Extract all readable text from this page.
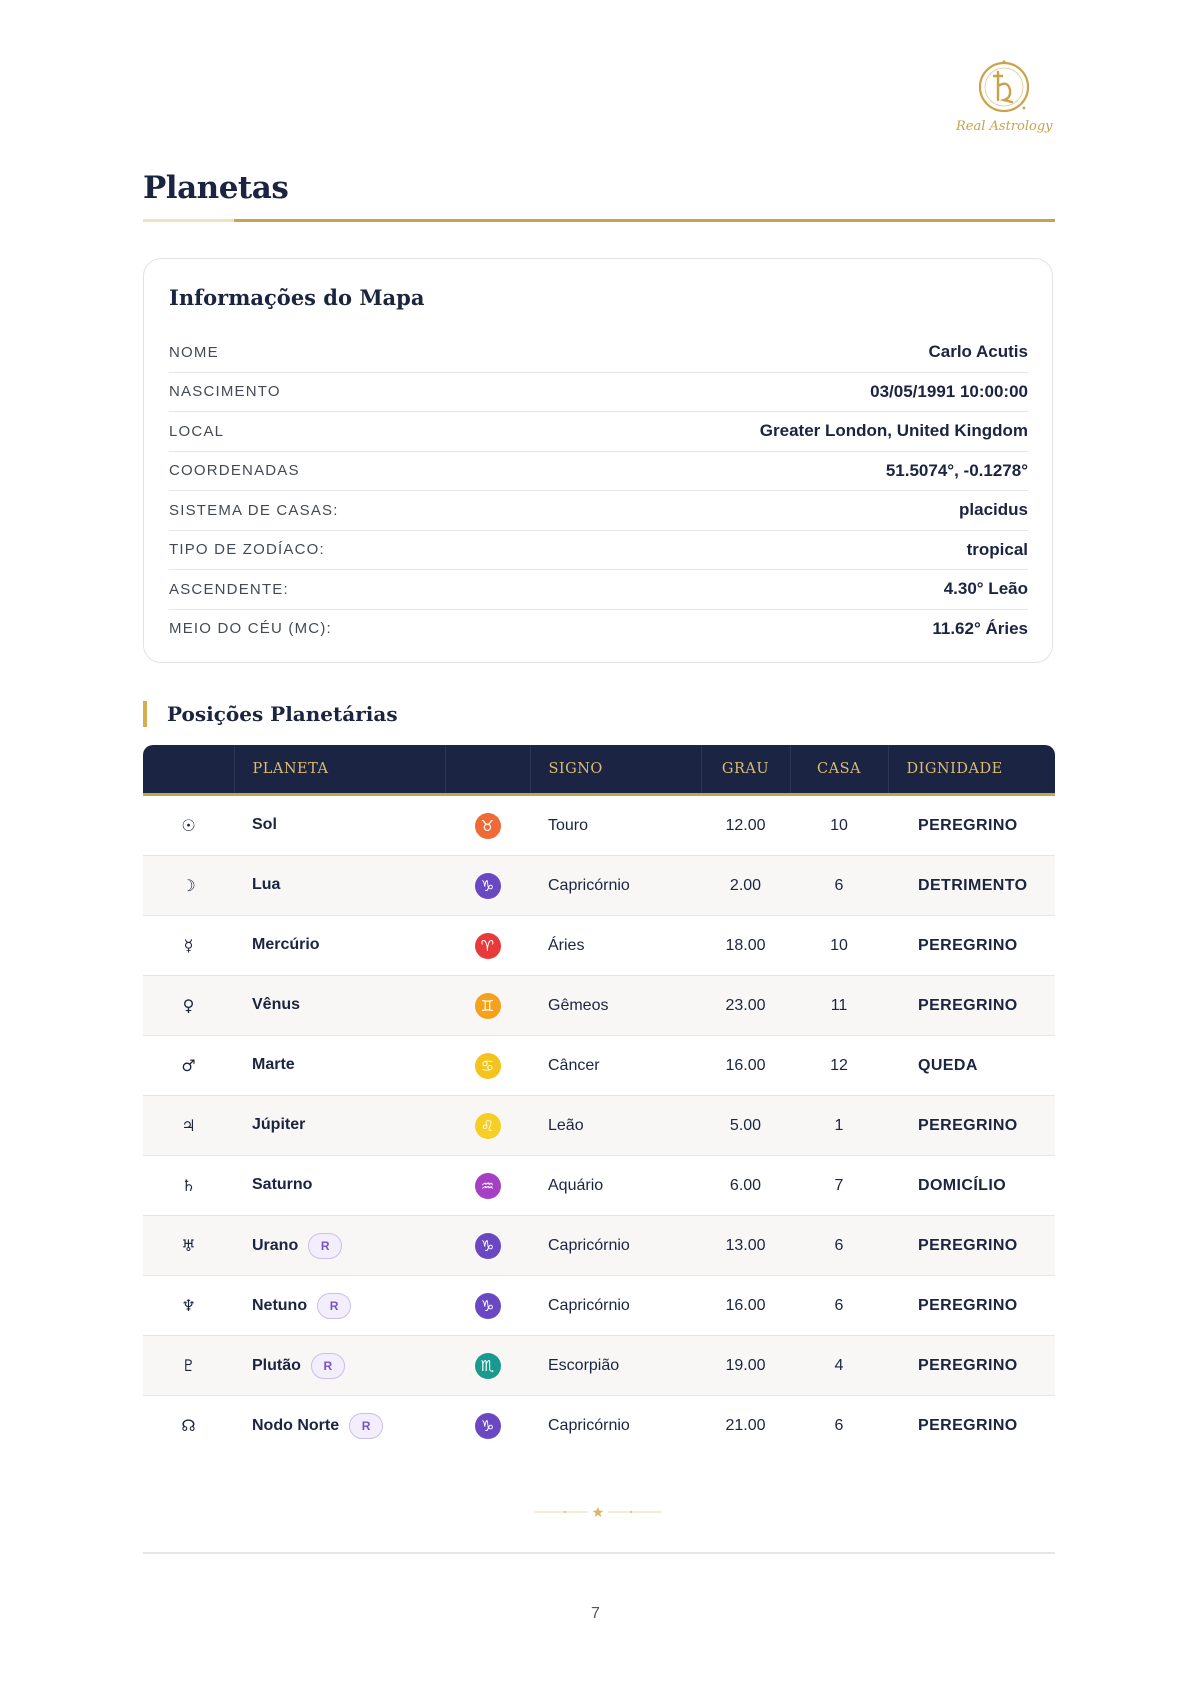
Real Astrology
Planetas
Informações do Mapa
NOME	Carlo Acutis
NASCIMENTO	03/05/1991 10:00:00
LOCAL	Greater London, United Kingdom
COORDENADAS	51.5074°, -0.1278°
SISTEMA DE CASAS:	placidus
TIPO DE ZODÍACO:	tropical
ASCENDENTE:	4.30° Leão
MEIO DO CÉU (MC):	11.62° Áries
Posições Planetárias
	PLANETA		SIGNO	GRAU	CASA	DIGNIDADE
☉	Sol	♉	Touro	12.00	10	PEREGRINO
☽	Lua	♑	Capricórnio	2.00	6	DETRIMENTO
☿	Mercúrio	♈	Áries	18.00	10	PEREGRINO
♀	Vênus	♊	Gêmeos	23.00	11	PEREGRINO
♂	Marte	♋	Câncer	16.00	12	QUEDA
♃	Júpiter	♌	Leão	5.00	1	PEREGRINO
♄	Saturno	♒	Aquário	6.00	7	DOMICÍLIO
♅	Urano R	♑	Capricórnio	13.00	6	PEREGRINO
♆	Netuno R	♑	Capricórnio	16.00	6	PEREGRINO
♇	Plutão R	♏	Escorpião	19.00	4	PEREGRINO
☊	Nodo Norte R	♑	Capricórnio	21.00	6	PEREGRINO
7
